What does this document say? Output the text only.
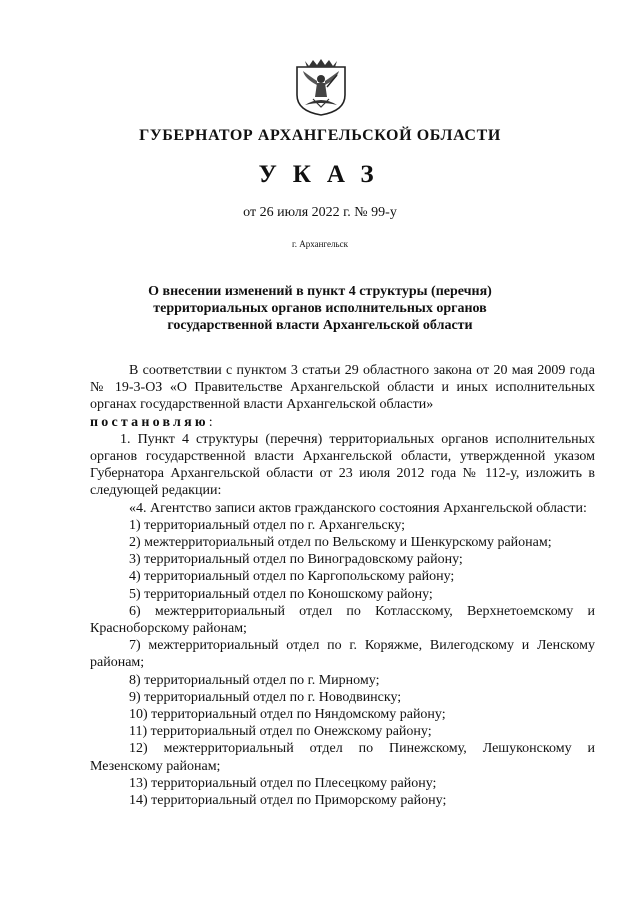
ГУБЕРНАТОР АРХАНГЕЛЬСКОЙ ОБЛАСТИ
УКАЗ
от 26 июля 2022 г. № 99-у
г. Архангельск
О внесении изменений в пункт 4 структуры (перечня)
территориальных органов исполнительных органов
государственной власти Архангельской области

В соответствии с пунктом 3 статьи 29 областного закона от 20 мая 2009 года № 19-3-ОЗ «О Правительстве Архангельской области и иных исполнительных органах государственной власти Архангельской области»

постановляю:

1. Пункт 4 структуры (перечня) территориальных органов исполнительных органов государственной власти Архангельской области, утвержденной указом Губернатора Архангельской области от 23 июля 2012 года № 112-у, изложить в следующей редакции:

«4. Агентство записи актов гражданского состояния Архангельской области:

1) территориальный отдел по г. Архангельску;

2) межтерриториальный отдел по Вельскому и Шенкурскому районам;

3) территориальный отдел по Виноградовскому району;

4) территориальный отдел по Каргопольскому району;

5) территориальный отдел по Коношскому району;

6) межтерриториальный отдел по Котласскому, Верхнетоемскому и Красноборскому районам;

7) межтерриториальный отдел по г. Коряжме, Вилегодскому и Ленскому районам;

8) территориальный отдел по г. Мирному;

9) территориальный отдел по г. Новодвинску;

10) территориальный отдел по Няндомскому району;

11) территориальный отдел по Онежскому району;

12) межтерриториальный отдел по Пинежскому, Лешуконскому и Мезенскому районам;

13) территориальный отдел по Плесецкому району;

14) территориальный отдел по Приморскому району;
